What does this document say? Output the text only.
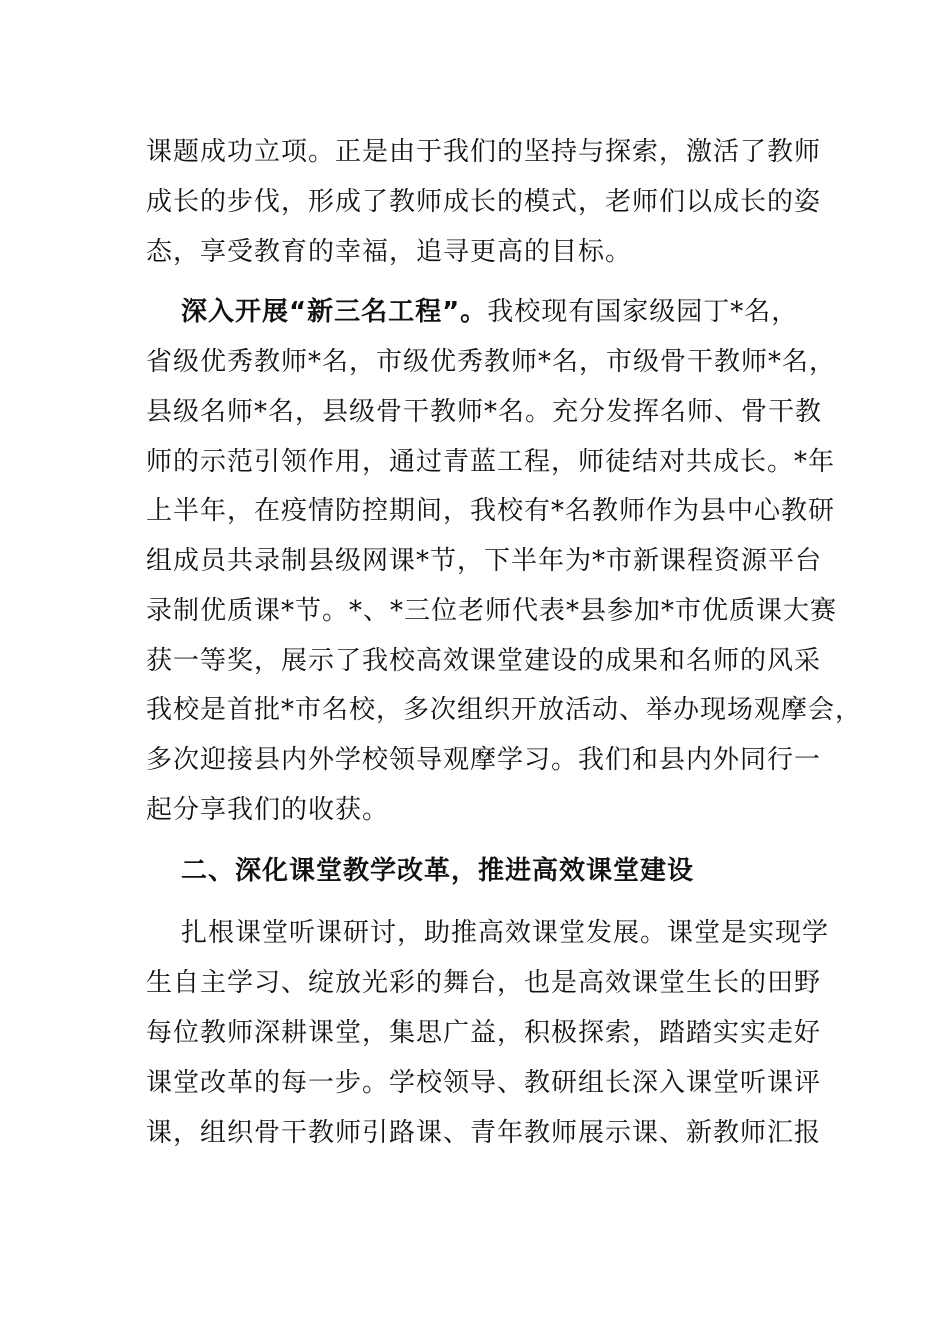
课题成功立项。正是由于我们的坚持与探索，激活了教师
成长的步伐，形成了教师成长的模式，老师们以成长的姿
态，享受教育的幸福，追寻更高的目标。
深入开展“新三名工程”。我校现有国家级园丁*名，
省级优秀教师*名，市级优秀教师*名，市级骨干教师*名，
县级名师*名，县级骨干教师*名。充分发挥名师、骨干教
师的示范引领作用，通过青蓝工程，师徒结对共成长。*年
上半年，在疫情防控期间，我校有*名教师作为县中心教研
组成员共录制县级网课*节，下半年为*市新课程资源平台
录制优质课*节。*、*三位老师代表*县参加*市优质课大赛
获一等奖，展示了我校高效课堂建设的成果和名师的风采
我校是首批*市名校，多次组织开放活动、举办现场观摩会，
多次迎接县内外学校领导观摩学习。我们和县内外同行一
起分享我们的收获。
二、深化课堂教学改革，推进高效课堂建设
扎根课堂听课研讨，助推高效课堂发展。课堂是实现学
生自主学习、绽放光彩的舞台，也是高效课堂生长的田野
每位教师深耕课堂，集思广益，积极探索，踏踏实实走好
课堂改革的每一步。学校领导、教研组长深入课堂听课评
课，组织骨干教师引路课、青年教师展示课、新教师汇报
